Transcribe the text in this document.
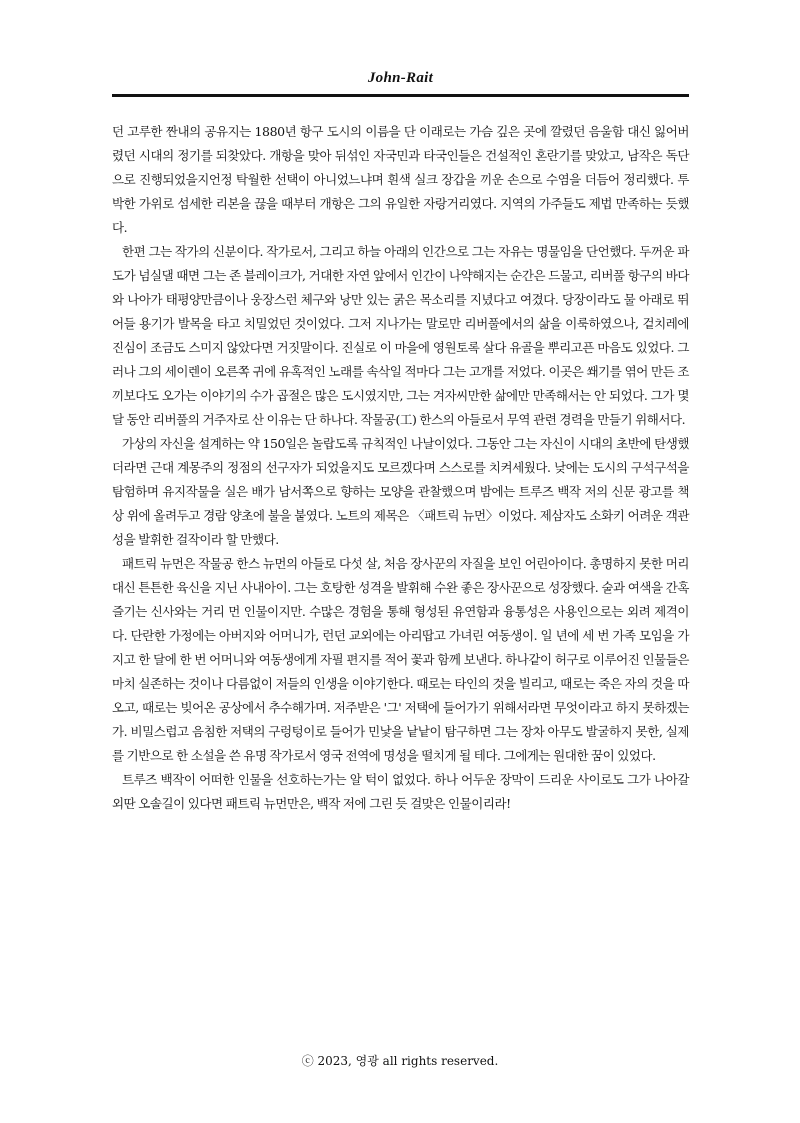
John-Rait

던 고루한 짠내의 공유지는 1880년 항구 도시의 이름을 단 이래로는 가슴 깊은 곳에 깔렸던 음울함 대신 잃어버렸던 시대의 정기를 되찾았다. 개항을 맞아 뒤섞인 자국민과 타국인들은 건설적인 혼란기를 맞았고, 남작은 독단으로 진행되었을지언정 탁월한 선택이 아니었느냐며 흰색 실크 장갑을 끼운 손으로 수염을 더듬어 정리했다. 투박한 가위로 섬세한 리본을 끊을 때부터 개항은 그의 유일한 자랑거리였다. 지역의 가주들도 제법 만족하는 듯했다.

한편 그는 작가의 신분이다. 작가로서, 그리고 하늘 아래의 인간으로 그는 자유는 명물임을 단언했다. 두꺼운 파도가 넘실댈 때면 그는 존 블레이크가, 거대한 자연 앞에서 인간이 나약해지는 순간은 드물고, 리버풀 항구의 바다와 나아가 태평양만큼이나 웅장스런 체구와 낭만 있는 굵은 목소리를 지녔다고 여겼다. 당장이라도 물 아래로 뛰어들 용기가 발목을 타고 치밀었던 것이었다. 그저 지나가는 말로만 리버풀에서의 삶을 이룩하였으나, 겉치레에 진심이 조금도 스미지 않았다면 거짓말이다. 진실로 이 마을에 영원토록 살다 유골을 뿌리고픈 마음도 있었다. 그러나 그의 세이렌이 오른쪽 귀에 유혹적인 노래를 속삭일 적마다 그는 고개를 저었다. 이곳은 쐐기를 엮어 만든 조끼보다도 오가는 이야기의 수가 곱절은 많은 도시였지만, 그는 겨자씨만한 삶에만 만족해서는 안 되었다. 그가 몇 달 동안 리버풀의 거주자로 산 이유는 단 하나다. 작물공(工) 한스의 아들로서 무역 관련 경력을 만들기 위해서다.

가상의 자신을 설계하는 약 150일은 놀랍도록 규칙적인 나날이었다. 그동안 그는 자신이 시대의 초반에 탄생했더라면 근대 계몽주의 정점의 선구자가 되었을지도 모르겠다며 스스로를 치켜세웠다. 낮에는 도시의 구석구석을 탐험하며 유지작물을 실은 배가 남서쪽으로 향하는 모양을 관찰했으며 밤에는 트루즈 백작 저의 신문 광고를 책상 위에 올려두고 경람 양초에 불을 붙였다. 노트의 제목은 〈패트릭 뉴먼〉이었다. 제삼자도 소화키 어려운 객관성을 발휘한 걸작이라 할 만했다.

패트릭 뉴먼은 작물공 한스 뉴먼의 아들로 다섯 살, 처음 장사꾼의 자질을 보인 어린아이다. 총명하지 못한 머리 대신 튼튼한 육신을 지닌 사내아이. 그는 호탕한 성격을 발휘해 수완 좋은 장사꾼으로 성장했다. 술과 여색을 간혹 즐기는 신사와는 거리 먼 인물이지만. 수많은 경험을 통해 형성된 유연함과 융통성은 사용인으로는 외려 제격이다. 단란한 가정에는 아버지와 어머니가, 런던 교외에는 아리땁고 가녀린 여동생이. 일 년에 세 번 가족 모임을 가지고 한 달에 한 번 어머니와 여동생에게 자필 편지를 적어 꽃과 함께 보낸다. 하나같이 허구로 이루어진 인물들은 마치 실존하는 것이나 다름없이 저들의 인생을 이야기한다. 때로는 타인의 것을 빌리고, 때로는 죽은 자의 것을 따오고, 때로는 빚어온 공상에서 추수해가며. 저주받은 '그' 저택에 들어가기 위해서라면 무엇이라고 하지 못하겠는가. 비밀스럽고 음침한 저택의 구렁텅이로 들어가 민낯을 낱낱이 탐구하면 그는 장차 아무도 발굴하지 못한, 실제를 기반으로 한 소설을 쓴 유명 작가로서 영국 전역에 명성을 떨치게 될 테다. 그에게는 원대한 꿈이 있었다.

트루즈 백작이 어떠한 인물을 선호하는가는 알 턱이 없었다. 하나 어두운 장막이 드리운 사이로도 그가 나아갈 외딴 오솔길이 있다면 패트릭 뉴먼만은, 백작 저에 그린 듯 걸맞은 인물이리라!

ⓒ 2023, 영광 all rights reserved.
